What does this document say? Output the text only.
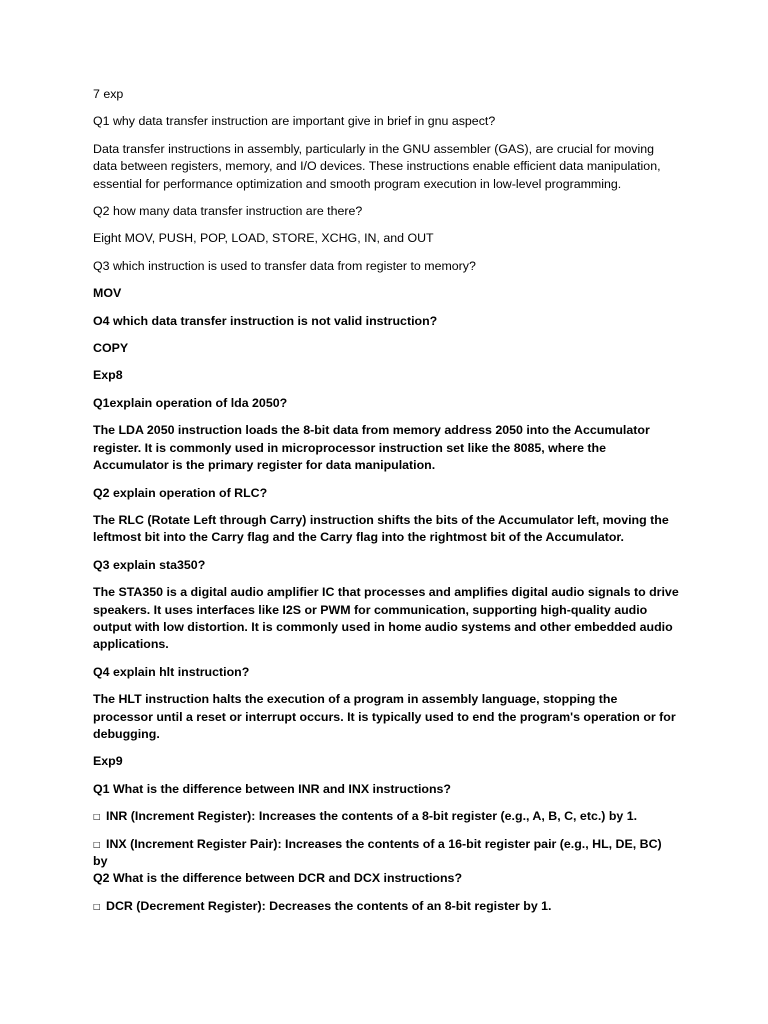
7 exp

Q1 why data transfer instruction are important give in brief in gnu aspect?

Data transfer instructions in assembly, particularly in the GNU assembler (GAS), are crucial for moving data between registers, memory, and I/O devices. These instructions enable efficient data manipulation, essential for performance optimization and smooth program execution in low-level programming.

Q2 how many data transfer instruction are there?

Eight MOV, PUSH, POP, LOAD, STORE, XCHG, IN, and OUT

Q3 which instruction is used to transfer data from register to memory?

MOV

O4 which data transfer instruction is not valid instruction?

COPY

Exp8

Q1explain operation of lda 2050?

The LDA 2050 instruction loads the 8-bit data from memory address 2050 into the Accumulator register. It is commonly used in microprocessor instruction set like the 8085, where the Accumulator is the primary register for data manipulation.

Q2 explain operation of RLC?

The RLC (Rotate Left through Carry) instruction shifts the bits of the Accumulator left, moving the leftmost bit into the Carry flag and the Carry flag into the rightmost bit of the Accumulator.

Q3 explain sta350?

The STA350 is a digital audio amplifier IC that processes and amplifies digital audio signals to drive speakers. It uses interfaces like I2S or PWM for communication, supporting high-quality audio output with low distortion. It is commonly used in home audio systems and other embedded audio applications.

Q4 explain hlt instruction?

The HLT instruction halts the execution of a program in assembly language, stopping the processor until a reset or interrupt occurs. It is typically used to end the program's operation or for debugging.

Exp9

Q1 What is the difference between INR and INX instructions?

□ INR (Increment Register): Increases the contents of a 8-bit register (e.g., A, B, C, etc.) by 1.

□ INX (Increment Register Pair): Increases the contents of a 16-bit register pair (e.g., HL, DE, BC) by

Q2 What is the difference between DCR and DCX instructions?

□ DCR (Decrement Register): Decreases the contents of an 8-bit register by 1.
